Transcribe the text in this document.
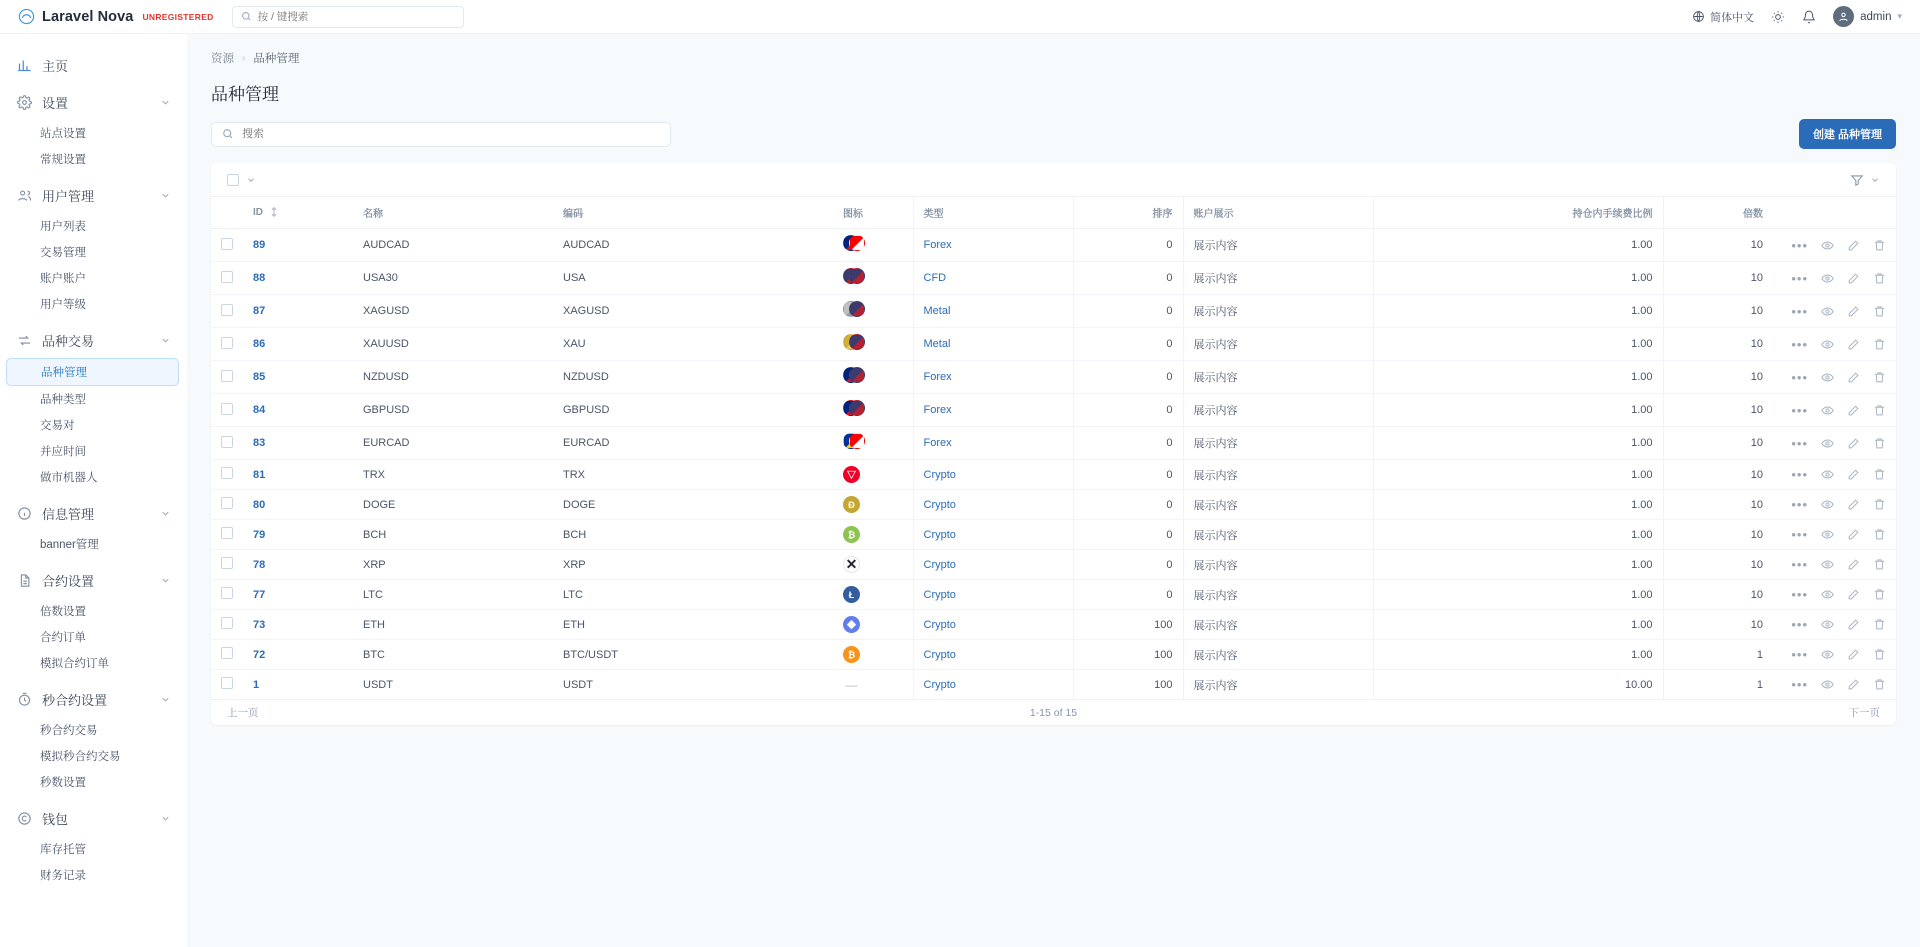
Laravel Nova UNREGISTERED
按 / 键搜索	简体中文	admin ▾
主页
设置
站点设置
常规设置
用户管理
用户列表
交易管理
账户账户
用户等级
品种交易
品种管理
品种类型
交易对
并应时间
做市机器人
信息管理
banner管理
合约设置
倍数设置
合约订单
模拟合约订单
秒合约设置
秒合约交易
模拟秒合约交易
秒数设置
钱包
库存托管
财务记录
资源 › 品种管理
品种管理
搜索
创建 品种管理
	ID	名称	编码	图标	类型	排序	账户展示	持仓内手续费比例	倍数	
	89	AUDCAD	AUDCAD		Forex	0	展示内容	1.00	10	•••

	88	USA30	USA		CFD	0	展示内容	1.00	10	•••

	87	XAGUSD	XAGUSD		Metal	0	展示内容	1.00	10	•••

	86	XAUUSD	XAU		Metal	0	展示内容	1.00	10	•••

	85	NZDUSD	NZDUSD		Forex	0	展示内容	1.00	10	•••

	84	GBPUSD	GBPUSD		Forex	0	展示内容	1.00	10	•••

	83	EURCAD	EURCAD		Forex	0	展示内容	1.00	10	•••

	81	TRX	TRX	▽	Crypto	0	展示内容	1.00	10	•••

	80	DOGE	DOGE	Ð	Crypto	0	展示内容	1.00	10	•••

	79	BCH	BCH	₿	Crypto	0	展示内容	1.00	10	•••

	78	XRP	XRP	✕	Crypto	0	展示内容	1.00	10	•••

	77	LTC	LTC	Ł	Crypto	0	展示内容	1.00	10	•••

	73	ETH	ETH	◆	Crypto	100	展示内容	1.00	10	•••

	72	BTC	BTC/USDT	₿	Crypto	100	展示内容	1.00	1	•••

	1	USDT	USDT	—	Crypto	100	展示内容	10.00	1	•••
上一页	1-15 of 15	下一页
